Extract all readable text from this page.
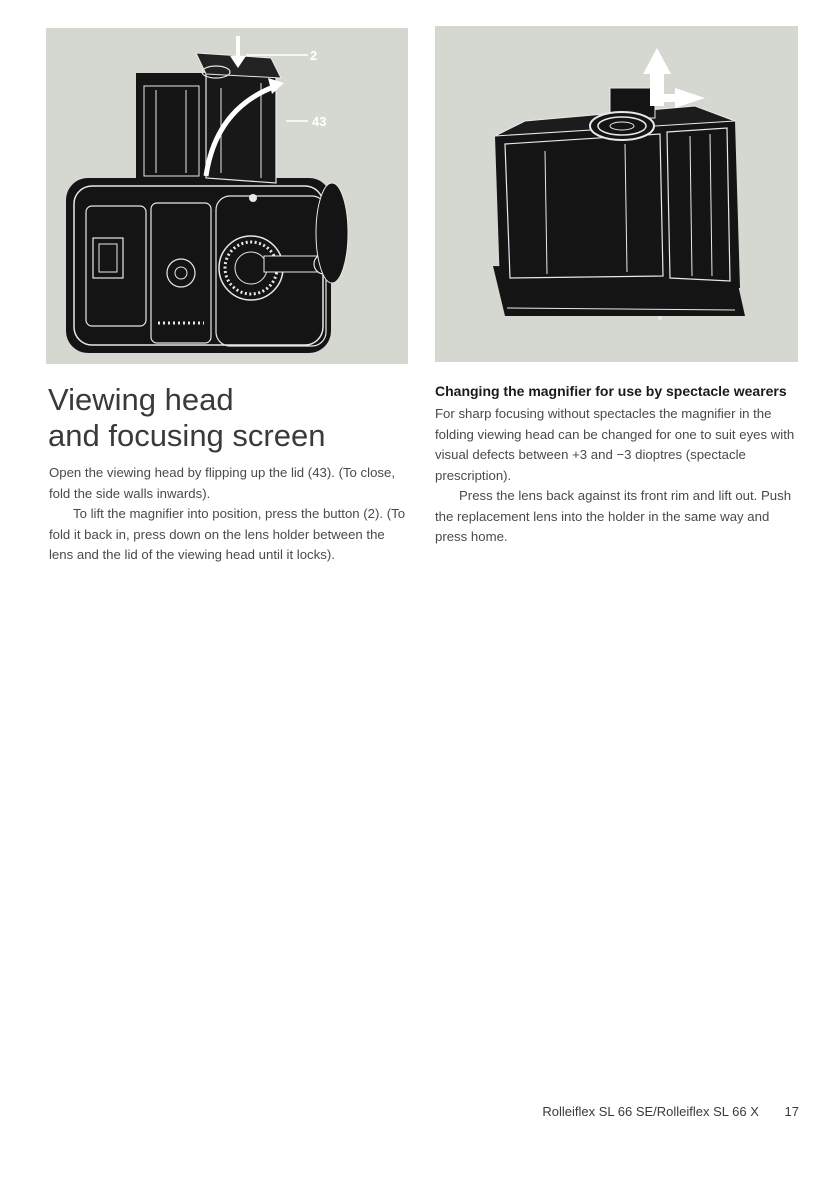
2
43
Viewing head
and focusing screen

Open the viewing head by flipping up the lid (43). (To close, fold the side walls inwards).

To lift the magnifier into position, press the button (2). (To fold it back in, press down on the lens holder between the lens and the lid of the viewing head until it locks).

Changing the magnifier for use by spectacle wearers

For sharp focusing without spectacles the magnifier in the folding viewing head can be changed for one to suit eyes with visual defects between +3 and −3 dioptres (spectacle prescription).

Press the lens back against its front rim and lift out. Push the replacement lens into the holder in the same way and press home.

Rolleiflex SL 66 SE/Rolleiflex SL 66 X 17
